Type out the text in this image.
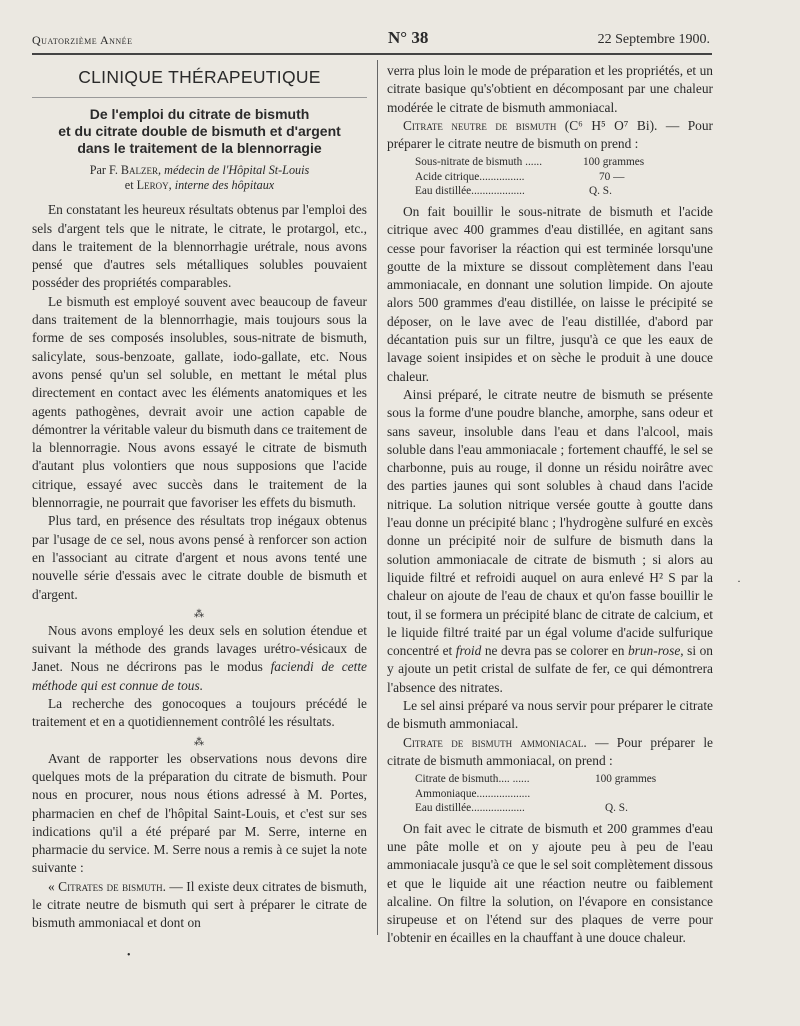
Quatorzième Année	N° 38	22 Septembre 1900.
CLINIQUE THÉRAPEUTIQUE
De l'emploi du citrate de bismuth
et du citrate double de bismuth et d'argent
dans le traitement de la blennorragie
Par F. Balzer, médecin de l'Hôpital St-Louis
et Leroy, interne des hôpitaux

En constatant les heureux résultats obtenus par l'emploi des sels d'argent tels que le nitrate, le citrate, le protargol, etc., dans le traitement de la blennorrhagie urétrale, nous avons pensé que d'autres sels métalliques solubles pouvaient posséder des propriétés comparables.

Le bismuth est employé souvent avec beaucoup de faveur dans traitement de la blennorrhagie, mais toujours sous la forme de ses composés insolubles, sous-nitrate de bismuth, salicylate, sous-benzoate, gallate, iodo-gallate, etc. Nous avons pensé qu'un sel soluble, en mettant le métal plus directement en contact avec les éléments anatomiques et les agents pathogènes, devrait avoir une action capable de démontrer la véritable valeur du bismuth dans ce traitement de la blennorragie. Nous avons essayé le citrate de bismuth d'autant plus volontiers que nous supposions que l'acide citrique, essayé avec succès dans le traitement de la blennorragie, ne pourrait que favoriser les effets du bismuth.

Plus tard, en présence des résultats trop inégaux obtenus par l'usage de ce sel, nous avons pensé à renforcer son action en l'associant au citrate d'argent et nous avons tenté une nouvelle série d'essais avec le citrate double de bismuth et d'argent.

⁂

Nous avons employé les deux sels en solution étendue et suivant la méthode des grands lavages urétro-vésicaux de Janet. Nous ne décrirons pas le modus faciendi de cette méthode qui est connue de tous.

La recherche des gonocoques a toujours précédé le traitement et en a quotidiennement contrôlé les résultats.

⁂

Avant de rapporter les observations nous devons dire quelques mots de la préparation du citrate de bismuth. Pour nous en procurer, nous nous étions adressé à M. Portes, pharmacien en chef de l'hôpital Saint-Louis, et c'est sur ses indications qu'il a été préparé par M. Serre, interne en pharmacie du service. M. Serre nous a remis à ce sujet la note suivante :

« Citrates de bismuth. — Il existe deux citrates de bismuth, le citrate neutre de bismuth qui sert à préparer le citrate de bismuth ammoniacal et dont on

verra plus loin le mode de préparation et les propriétés, et un citrate basique qu's'obtient en décomposant par une chaleur modérée le citrate de bismuth ammoniacal.

Citrate neutre de bismuth (C⁶ H⁵ O⁷ Bi). — Pour préparer le citrate neutre de bismuth on prend :

Sous-nitrate de bismuth ......	100 grammes
Acide citrique................	70 —
Eau distillée...................	Q. S.

On fait bouillir le sous-nitrate de bismuth et l'acide citrique avec 400 grammes d'eau distillée, en agitant sans cesse pour favoriser la réaction qui est terminée lorsqu'une goutte de la mixture se dissout complètement dans l'eau ammoniacale, en donnant une solution limpide. On ajoute alors 500 grammes d'eau distillée, on laisse le précipité se déposer, on le lave avec de l'eau distillée, d'abord par décantation puis sur un filtre, jusqu'à ce que les eaux de lavage soient insipides et on sèche le produit à une douce chaleur.

Ainsi préparé, le citrate neutre de bismuth se présente sous la forme d'une poudre blanche, amorphe, sans odeur et sans saveur, insoluble dans l'eau et dans l'alcool, mais soluble dans l'eau ammoniacale ; fortement chauffé, le sel se charbonne, puis au rouge, il donne un résidu noirâtre avec des parties jaunes qui sont solubles à chaud dans l'acide nitrique. La solution nitrique versée goutte à goutte dans l'eau donne un précipité blanc ; l'hydrogène sulfuré en excès donne un précipité noir de sulfure de bismuth dans la solution ammoniacale de citrate de bismuth ; si alors au liquide filtré et refroidi auquel on aura enlevé H² S par la chaleur on ajoute de l'eau de chaux et qu'on fasse bouillir le tout, il se formera un précipité blanc de citrate de calcium, et le liquide filtré traité par un égal volume d'acide sulfurique concentré et froid ne devra pas se colorer en brun-rose, si on y ajoute un petit cristal de sulfate de fer, ce qui démontrera l'absence des nitrates.

Le sel ainsi préparé va nous servir pour préparer le citrate de bismuth ammoniacal.

Citrate de bismuth ammoniacal. — Pour préparer le citrate de bismuth ammoniacal, on prend :

Citrate de bismuth.... ......	100 grammes
Ammoniaque...................
Eau distillée...................	Q. S.

On fait avec le citrate de bismuth et 200 grammes d'eau une pâte molle et on y ajoute peu à peu de l'eau ammoniacale jusqu'à ce que le sel soit complètement dissous et que le liquide ait une réaction neutre ou faiblement alcaline. On filtre la solution, on l'évapore en consistance sirupeuse et on l'étend sur des plaques de verre pour l'obtenir en écailles en la chauffant à une douce chaleur.

·
•
